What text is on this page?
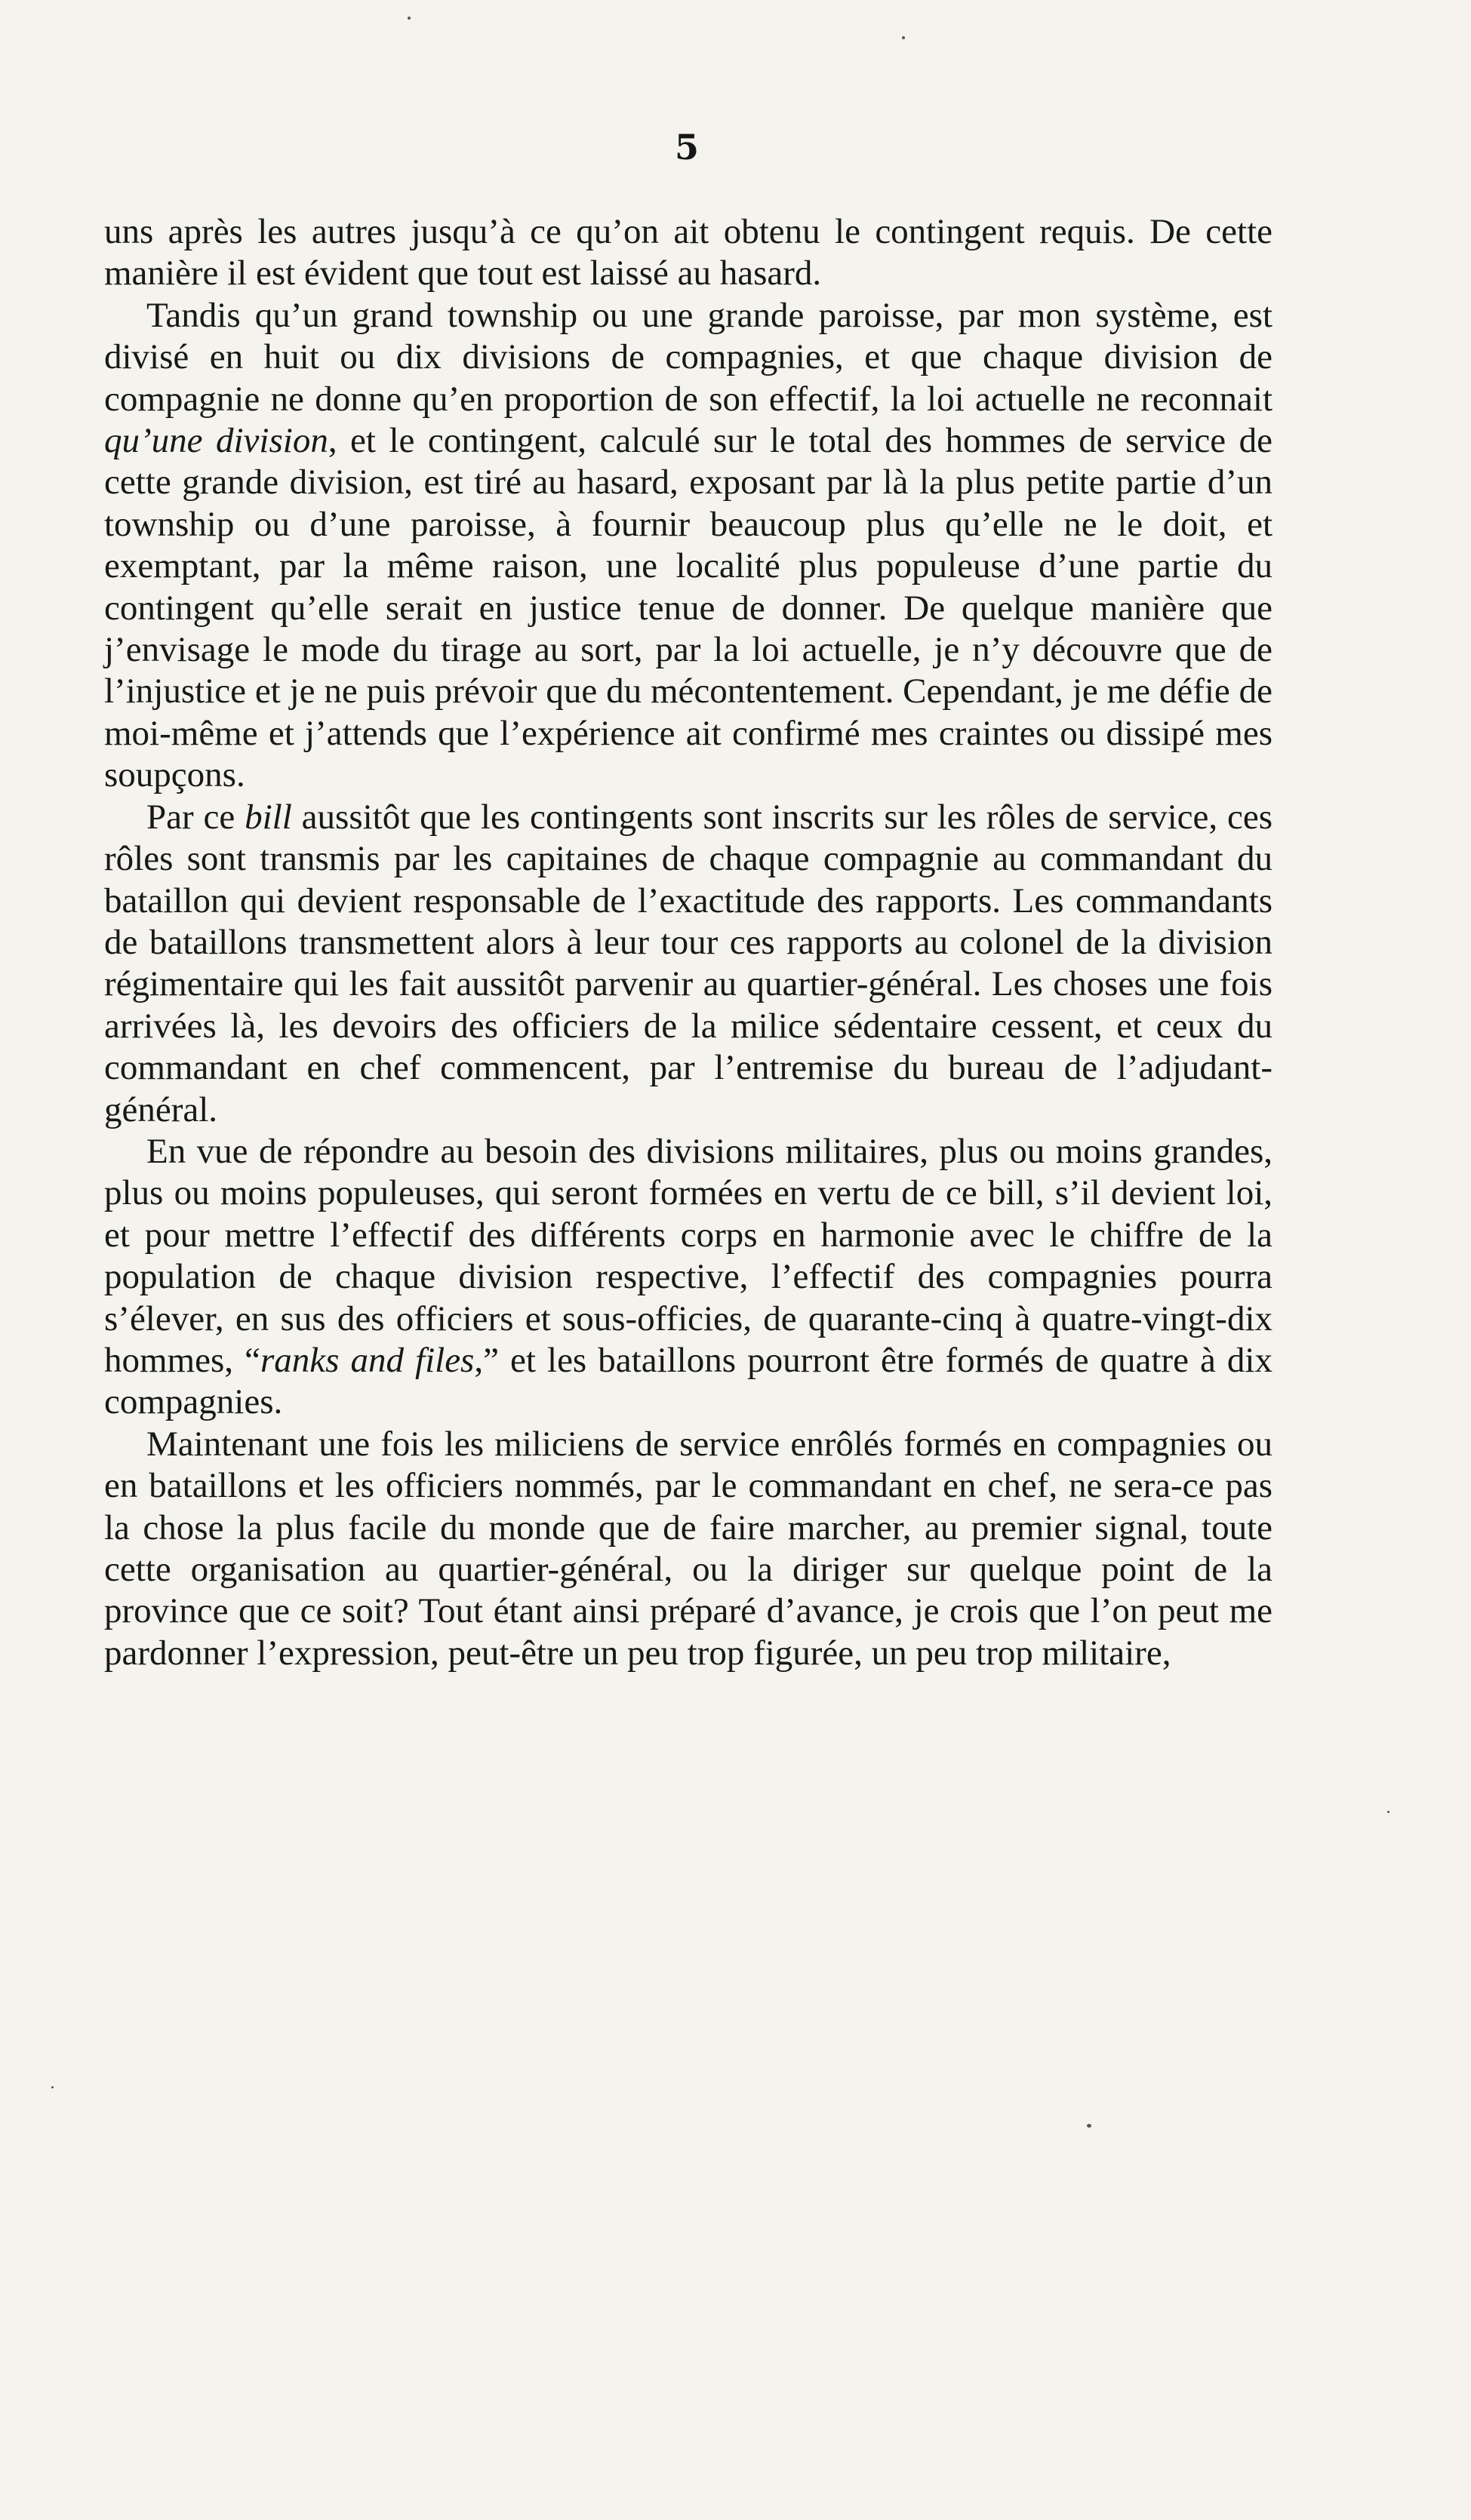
5

uns après les autres jusqu’à ce qu’on ait obtenu le contingent requis. De cette manière il est évident que tout est laissé au hasard.

Tandis qu’un grand township ou une grande paroisse, par mon système, est divisé en huit ou dix divisions de compagnies, et que chaque division de compagnie ne donne qu’en proportion de son effectif, la loi actuelle ne reconnait qu’une division, et le contingent, calculé sur le total des hommes de service de cette grande division, est tiré au hasard, exposant par là la plus petite partie d’un township ou d’une paroisse, à fournir beaucoup plus qu’elle ne le doit, et exemptant, par la même raison, une localité plus populeuse d’une partie du contingent qu’elle serait en justice tenue de donner. De quelque manière que j’envisage le mode du tirage au sort, par la loi actuelle, je n’y découvre que de l’injustice et je ne puis prévoir que du mécontentement. Cependant, je me défie de moi-même et j’attends que l’expérience ait confirmé mes craintes ou dissipé mes soupçons.

Par ce bill aussitôt que les contingents sont inscrits sur les rôles de service, ces rôles sont transmis par les capitaines de chaque compagnie au commandant du bataillon qui devient responsable de l’exactitude des rapports. Les commandants de bataillons transmettent alors à leur tour ces rapports au colonel de la division régimentaire qui les fait aussitôt parvenir au quartier-général. Les choses une fois arrivées là, les devoirs des officiers de la milice sédentaire cessent, et ceux du commandant en chef commencent, par l’entremise du bureau de l’adjudant-général.

En vue de répondre au besoin des divisions militaires, plus ou moins grandes, plus ou moins populeuses, qui seront formées en vertu de ce bill, s’il devient loi, et pour mettre l’effectif des différents corps en harmonie avec le chiffre de la population de chaque division respective, l’effectif des compagnies pourra s’élever, en sus des officiers et sous-officies, de quarante-cinq à quatre-vingt-dix hommes, “ranks and files,” et les bataillons pourront être formés de quatre à dix compagnies.

Maintenant une fois les miliciens de service enrôlés formés en compagnies ou en bataillons et les officiers nommés, par le commandant en chef, ne sera-ce pas la chose la plus facile du monde que de faire marcher, au premier signal, toute cette organisation au quartier-général, ou la diriger sur quelque point de la province que ce soit? Tout étant ainsi préparé d’avance, je crois que l’on peut me pardonner l’expression, peut-être un peu trop figurée, un peu trop militaire,
